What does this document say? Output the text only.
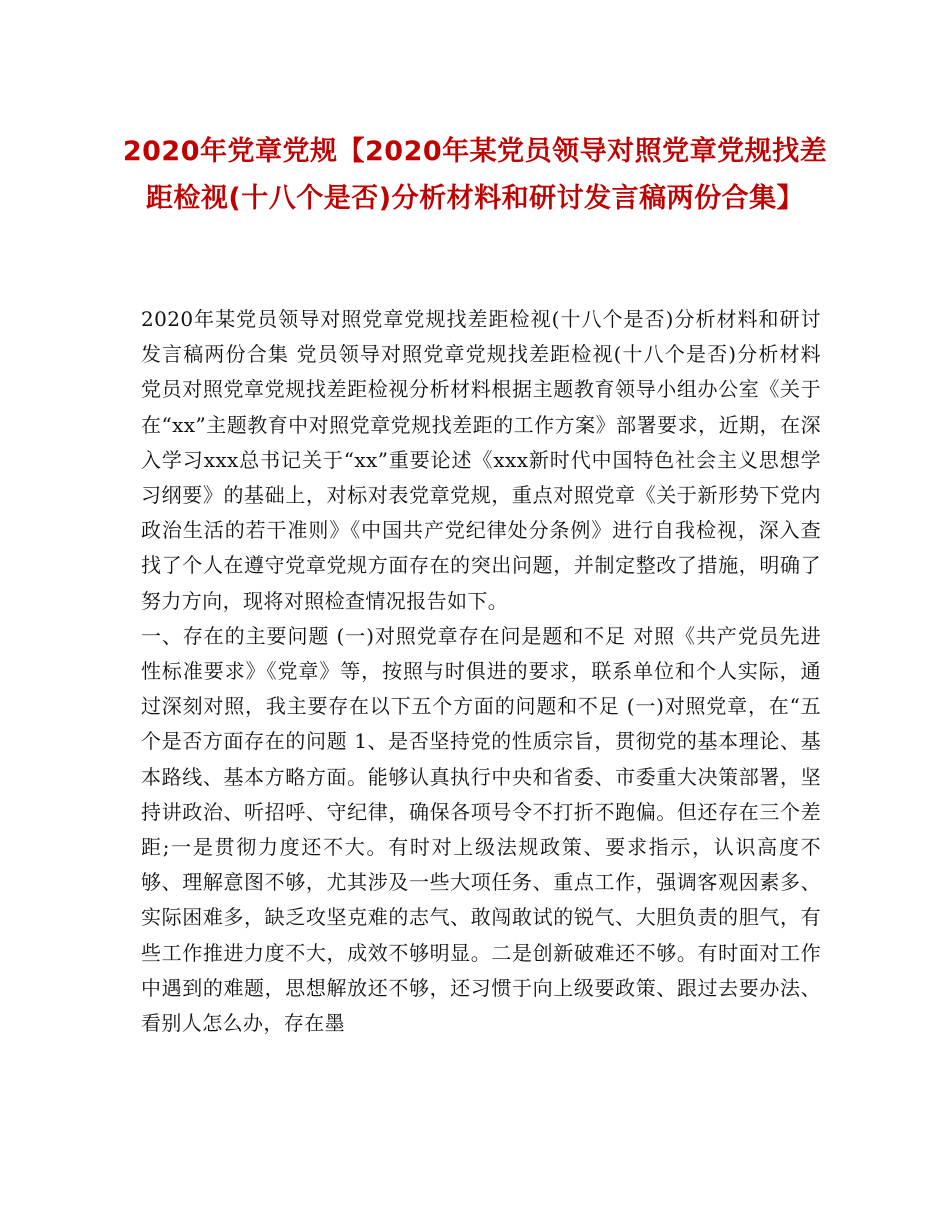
2020年党章党规【2020年某党员领导对照党章党规找差距检视(十八个是否)分析材料和研讨发言稿两份合集】

2020年某党员领导对照党章党规找差距检视(十八个是否)分析材料和研讨发言稿两份合集 党员领导对照党章党规找差距检视(十八个是否)分析材料 党员对照党章党规找差距检视分析材料根据主题教育领导小组办公室《关于在“xx”主题教育中对照党章党规找差距的工作方案》部署要求，近期，在深入学习xxx总书记关于“xx”重要论述《xxx新时代中国特色社会主义思想学习纲要》的基础上，对标对表党章党规，重点对照党章《关于新形势下党内政治生活的若干准则》《中国共产党纪律处分条例》进行自我检视，深入查找了个人在遵守党章党规方面存在的突出问题，并制定整改了措施，明确了努力方向，现将对照检查情况报告如下。

一、存在的主要问题 (一)对照党章存在问是题和不足 对照《共产党员先进性标准要求》《党章》等，按照与时俱进的要求，联系单位和个人实际，通过深刻对照，我主要存在以下五个方面的问题和不足 (一)对照党章，在“五个是否方面存在的问题 1、是否坚持党的性质宗旨，贯彻党的基本理论、基本路线、基本方略方面。能够认真执行中央和省委、市委重大决策部署，坚持讲政治、听招呼、守纪律，确保各项号令不打折不跑偏。但还存在三个差距;一是贯彻力度还不大。有时对上级法规政策、要求指示，认识高度不够、理解意图不够，尤其涉及一些大项任务、重点工作，强调客观因素多、实际困难多，缺乏攻坚克难的志气、敢闯敢试的锐气、大胆负责的胆气，有些工作推进力度不大，成效不够明显。二是创新破难还不够。有时面对工作中遇到的难题，思想解放还不够，还习惯于向上级要政策、跟过去要办法、看别人怎么办，存在墨
